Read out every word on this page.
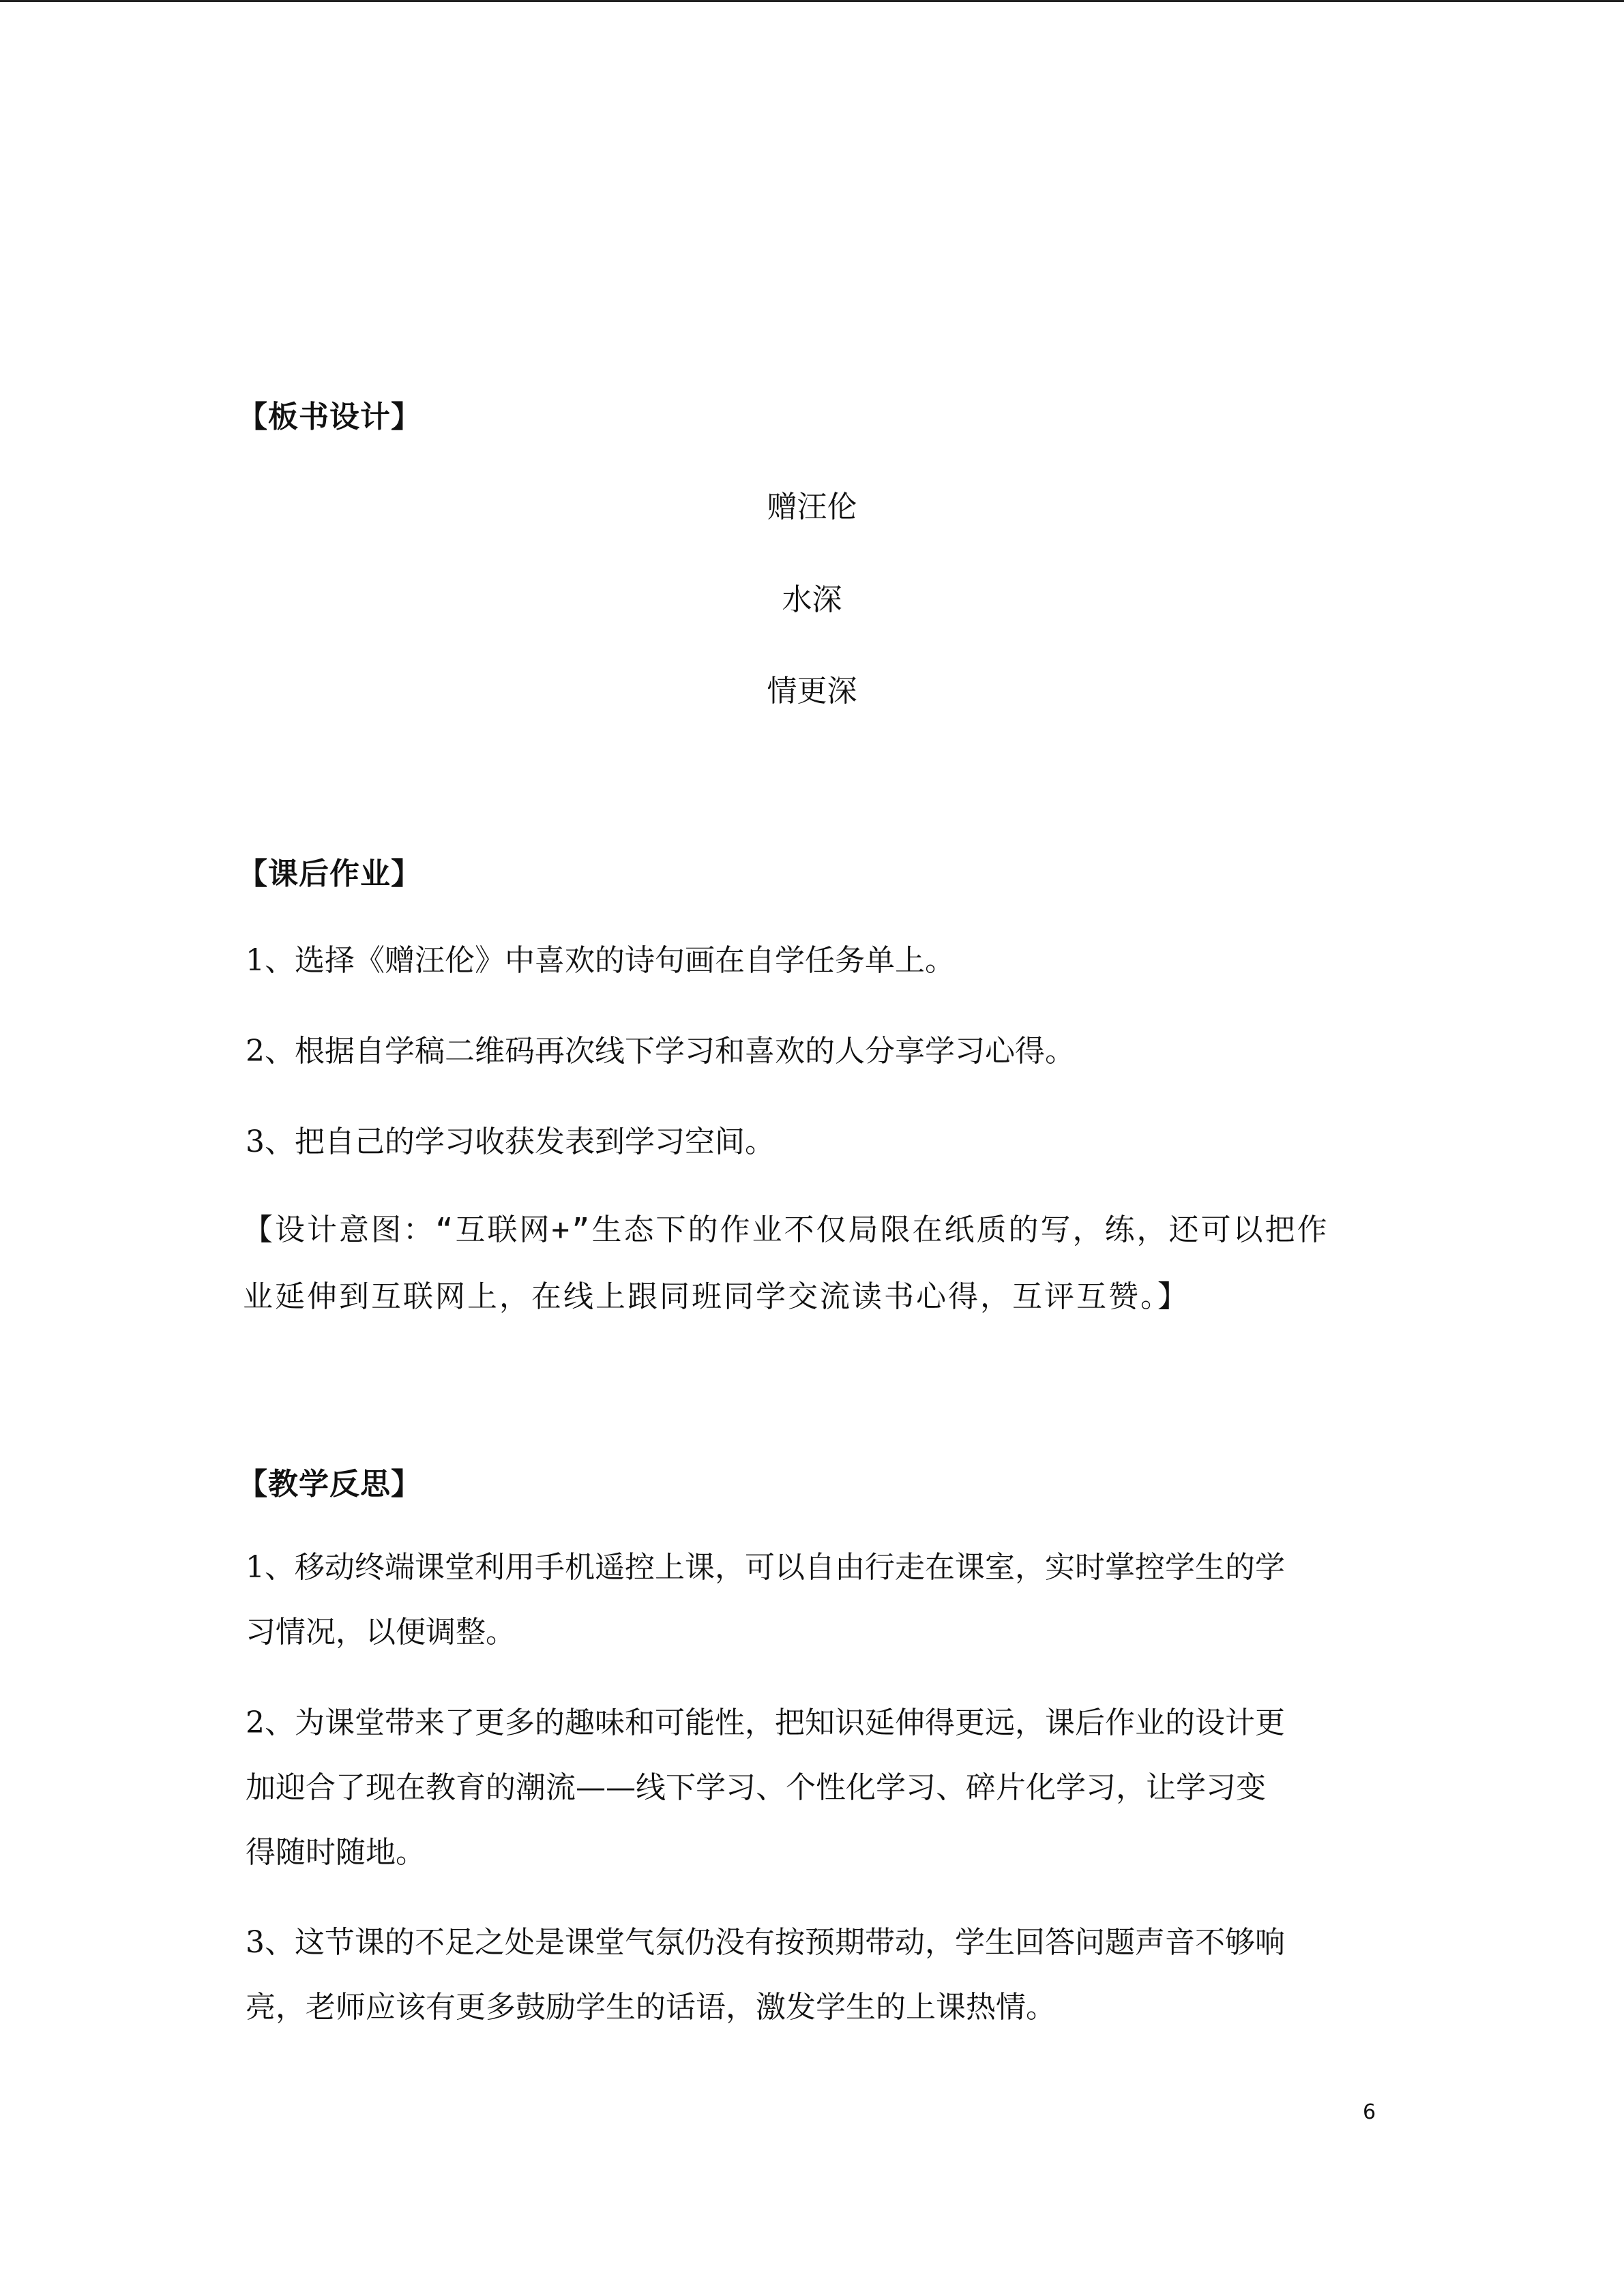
【板书设计】
赠汪伦
水深
情更深
【课后作业】
1、选择《赠汪伦》中喜欢的诗句画在自学任务单上。
2、根据自学稿二维码再次线下学习和喜欢的人分享学习心得。
3、把自己的学习收获发表到学习空间。
【设计意图：“互联网+”生态下的作业不仅局限在纸质的写，练，还可以把作
业延伸到互联网上，在线上跟同班同学交流读书心得，互评互赞。】
【教学反思】
1、移动终端课堂利用手机遥控上课，可以自由行走在课室，实时掌控学生的学
习情况，以便调整。
2、为课堂带来了更多的趣味和可能性，把知识延伸得更远，课后作业的设计更
加迎合了现在教育的潮流——线下学习、个性化学习、碎片化学习，让学习变
得随时随地。
3、这节课的不足之处是课堂气氛仍没有按预期带动，学生回答问题声音不够响
亮，老师应该有更多鼓励学生的话语，激发学生的上课热情。
6
